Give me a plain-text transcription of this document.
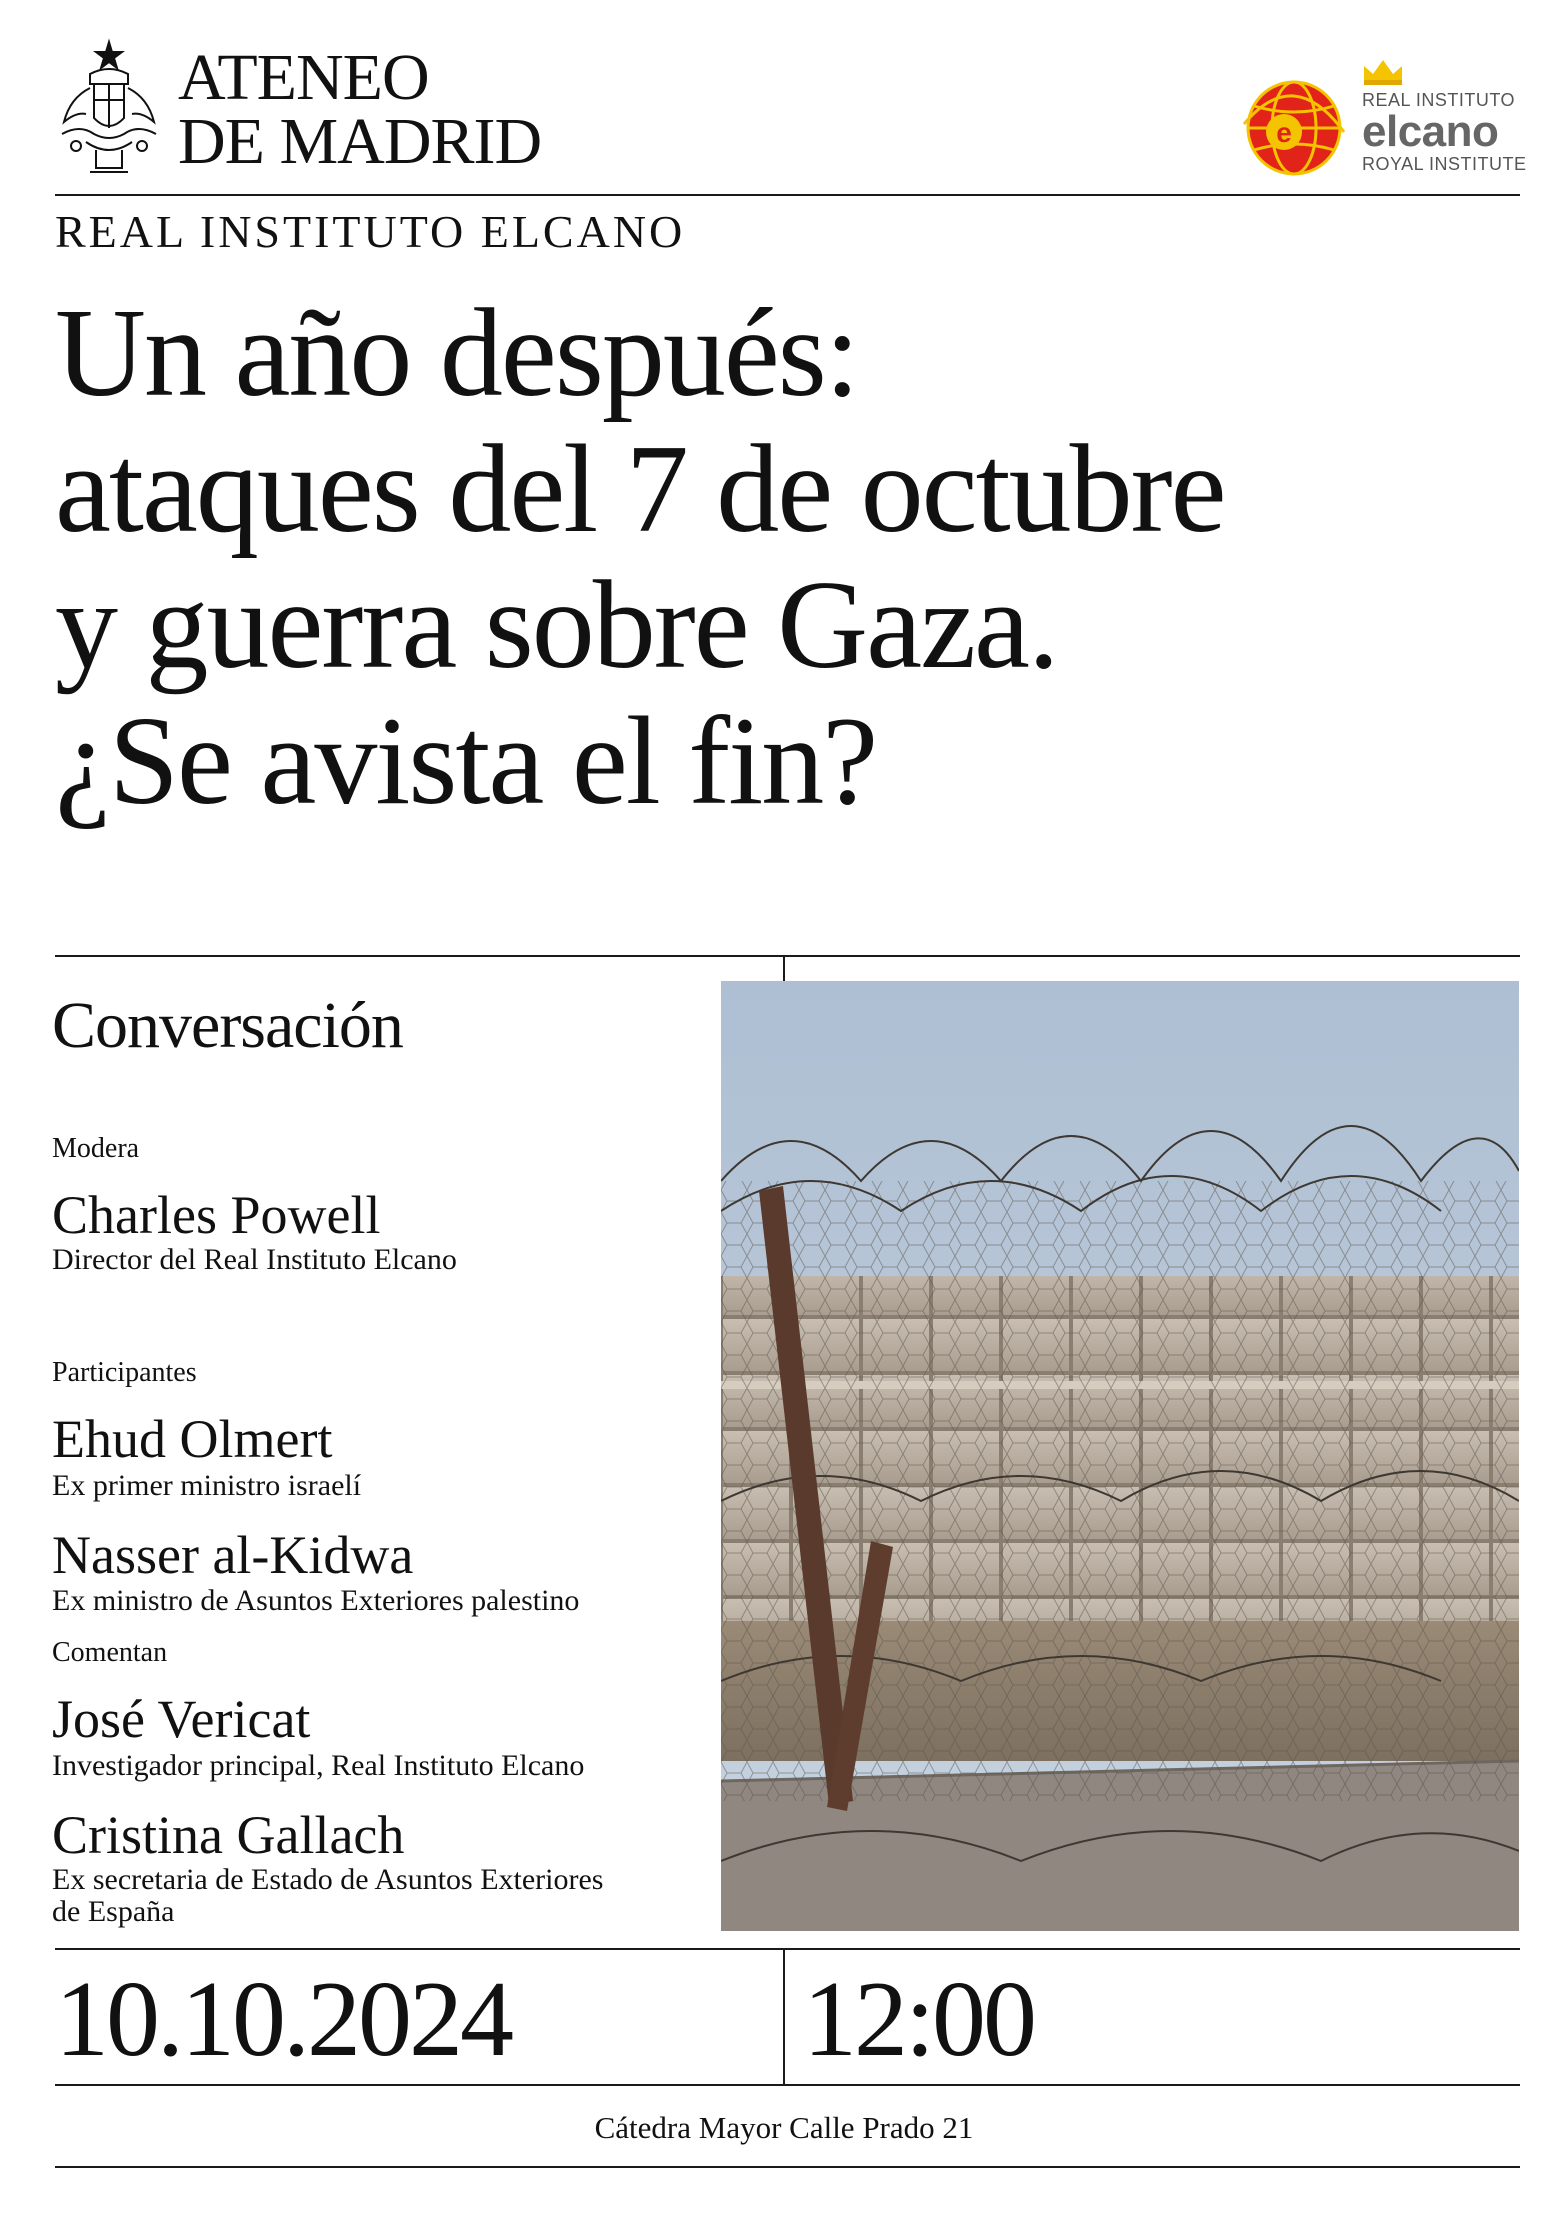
ATENEO
DE MADRID	e
REAL INSTITUTO
elcano
ROYAL INSTITUTE
REAL INSTITUTO ELCANO
Un año después:
ataques del 7 de octubre
y guerra sobre Gaza.
¿Se avista el fin?
Conversación
Modera
Charles Powell
Director del Real Instituto Elcano
Participantes
Ehud Olmert
Ex primer ministro israelí
Nasser al-Kidwa
Ex ministro de Asuntos Exteriores palestino
Comentan
José Vericat
Investigador principal, Real Instituto Elcano
Cristina Gallach
Ex secretaria de Estado de Asuntos Exteriores
de España
10.10.2024	12:00
Cátedra Mayor Calle Prado 21
